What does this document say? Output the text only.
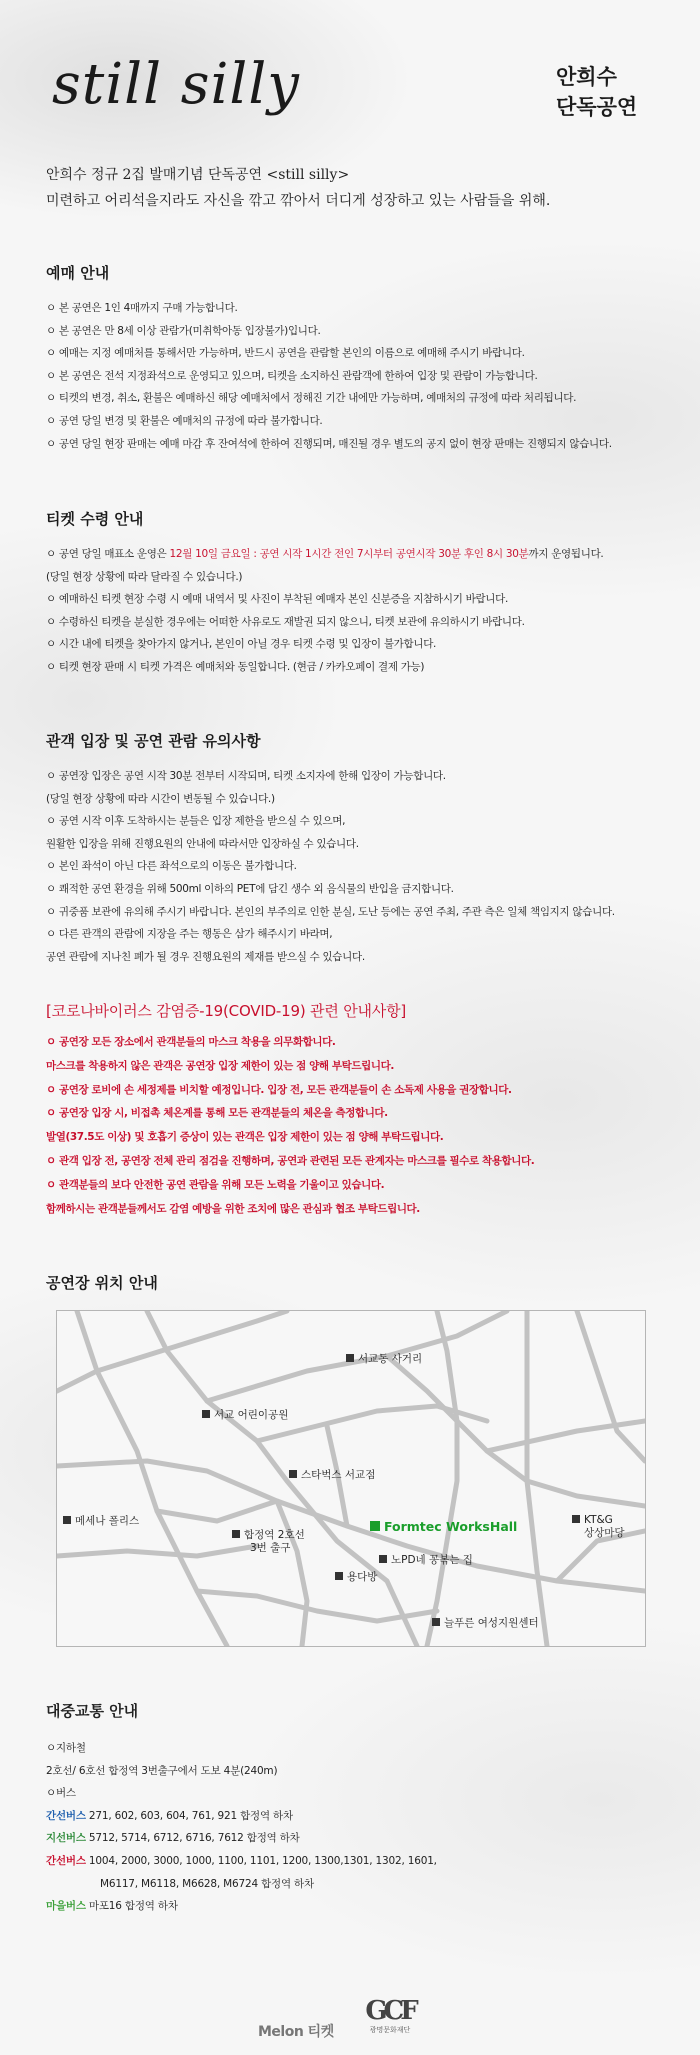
still silly	안희수
단독공연
안희수 정규 2집 발매기념 단독공연 <still silly>
미련하고 어리석을지라도 자신을 깎고 깎아서 더디게 성장하고 있는 사람들을 위해.
예매 안내
ㅇ 본 공연은 1인 4매까지 구매 가능합니다.
ㅇ 본 공연은 만 8세 이상 관람가(미취학아동 입장불가)입니다.
ㅇ 예매는 지정 예매처를 통해서만 가능하며, 반드시 공연을 관람할 본인의 이름으로 예매해 주시기 바랍니다.
ㅇ 본 공연은 전석 지정좌석으로 운영되고 있으며, 티켓을 소지하신 관람객에 한하여 입장 및 관람이 가능합니다.
ㅇ 티켓의 변경, 취소, 환불은 예매하신 해당 예매처에서 정해진 기간 내에만 가능하며, 예매처의 규정에 따라 처리됩니다.
ㅇ 공연 당일 변경 및 환불은 예매처의 규정에 따라 불가합니다.
ㅇ 공연 당일 현장 판매는 예매 마감 후 잔여석에 한하여 진행되며, 매진될 경우 별도의 공지 없이 현장 판매는 진행되지 않습니다.
티켓 수령 안내
ㅇ 공연 당일 매표소 운영은 12월 10일 금요일 : 공연 시작 1시간 전인 7시부터 공연시작 30분 후인 8시 30분까지 운영됩니다.
(당일 현장 상황에 따라 달라질 수 있습니다.)
ㅇ 예매하신 티켓 현장 수령 시 예매 내역서 및 사진이 부착된 예매자 본인 신분증을 지참하시기 바랍니다.
ㅇ 수령하신 티켓을 분실한 경우에는 어떠한 사유로도 재발권 되지 않으니, 티켓 보관에 유의하시기 바랍니다.
ㅇ 시간 내에 티켓을 찾아가지 않거나, 본인이 아닐 경우 티켓 수령 및 입장이 불가합니다.
ㅇ 티켓 현장 판매 시 티켓 가격은 예매처와 동일합니다. (현금 / 카카오페이 결제 가능)
관객 입장 및 공연 관람 유의사항
ㅇ 공연장 입장은 공연 시작 30분 전부터 시작되며, 티켓 소지자에 한해 입장이 가능합니다.
(당일 현장 상황에 따라 시간이 변동될 수 있습니다.)
ㅇ 공연 시작 이후 도착하시는 분들은 입장 제한을 받으실 수 있으며,
원활한 입장을 위해 진행요원의 안내에 따라서만 입장하실 수 있습니다.
ㅇ 본인 좌석이 아닌 다른 좌석으로의 이동은 불가합니다.
ㅇ 쾌적한 공연 환경을 위해 500ml 이하의 PET에 담긴 생수 외 음식물의 반입을 금지합니다.
ㅇ 귀중품 보관에 유의해 주시기 바랍니다. 본인의 부주의로 인한 분실, 도난 등에는 공연 주최, 주관 측은 일체 책임지지 않습니다.
ㅇ 다른 관객의 관람에 지장을 주는 행동은 삼가 해주시기 바라며,
공연 관람에 지나친 폐가 될 경우 진행요원의 제재를 받으실 수 있습니다.
[코로나바이러스 감염증-19(COVID-19) 관련 안내사항]
ㅇ 공연장 모든 장소에서 관객분들의 마스크 착용을 의무화합니다.
마스크를 착용하지 않은 관객은 공연장 입장 제한이 있는 점 양해 부탁드립니다.
ㅇ 공연장 로비에 손 세정제를 비치할 예정입니다. 입장 전, 모든 관객분들이 손 소독제 사용을 권장합니다.
ㅇ 공연장 입장 시, 비접촉 체온계를 통해 모든 관객분들의 체온을 측정합니다.
발열(37.5도 이상) 및 호흡기 증상이 있는 관객은 입장 제한이 있는 점 양해 부탁드립니다.
ㅇ 관객 입장 전, 공연장 전체 관리 점검을 진행하며, 공연과 관련된 모든 관계자는 마스크를 필수로 착용합니다.
ㅇ 관객분들의 보다 안전한 공연 관람을 위해 모든 노력을 기울이고 있습니다.
함께하시는 관객분들께서도 감염 예방을 위한 조치에 많은 관심과 협조 부탁드립니다.
공연장 위치 안내
서교동 사거리
서교 어린이공원
스타벅스 서교점
메세나 폴리스
합정역 2호선
3번 출구
Formtec WorksHall	KT&G
상상마당
노PD네 꽁볶는 집
용다방
늘푸른 여성지원센터
대중교통 안내
ㅇ지하철
2호선/ 6호선 합정역 3번출구에서 도보 4분(240m)
ㅇ버스
간선버스 271, 602, 603, 604, 761, 921 합정역 하차
지선버스 5712, 5714, 6712, 6716, 7612 합정역 하차
간선버스 1004, 2000, 3000, 1000, 1100, 1101, 1200, 1300,1301, 1302, 1601,
M6117, M6118, M6628, M6724 합정역 하차
마을버스 마포16 합정역 하차
Melon 티켓
GCF
광명문화재단
